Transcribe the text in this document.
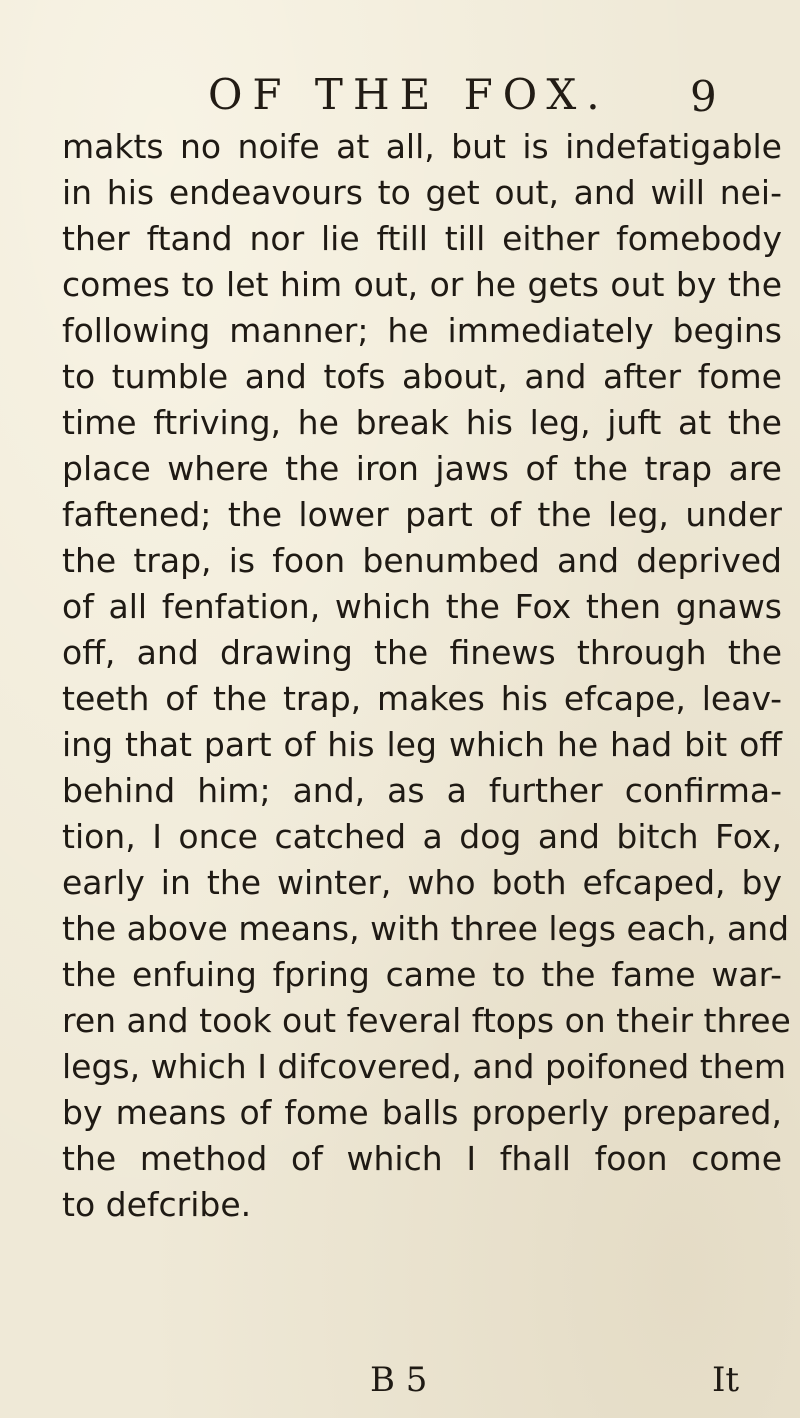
OF THE FOX. 9
makts no noife at all, but is indefatigable
in his endeavours to get out, and will nei-
ther ftand nor lie ftill till either fomebody
comes to let him out, or he gets out by the
following manner; he immediately begins
to tumble and tofs about, and after fome
time ftriving, he break his leg, juft at the
place where the iron jaws of the trap are
faftened; the lower part of the leg, under
the trap, is foon benumbed and deprived
of all fenfation, which the Fox then gnaws
off, and drawing the finews through the
teeth of the trap, makes his efcape, leav-
ing that part of his leg which he had bit off
behind him; and, as a further confirma-
tion, I once catched a dog and bitch Fox,
early in the winter, who both efcaped, by
the above means, with three legs each, and
the enfuing fpring came to the fame war-
ren and took out feveral ftops on their three
legs, which I difcovered, and poifoned them
by means of fome balls properly prepared,
the method of which I fhall foon come
to defcribe.
B 5	It
